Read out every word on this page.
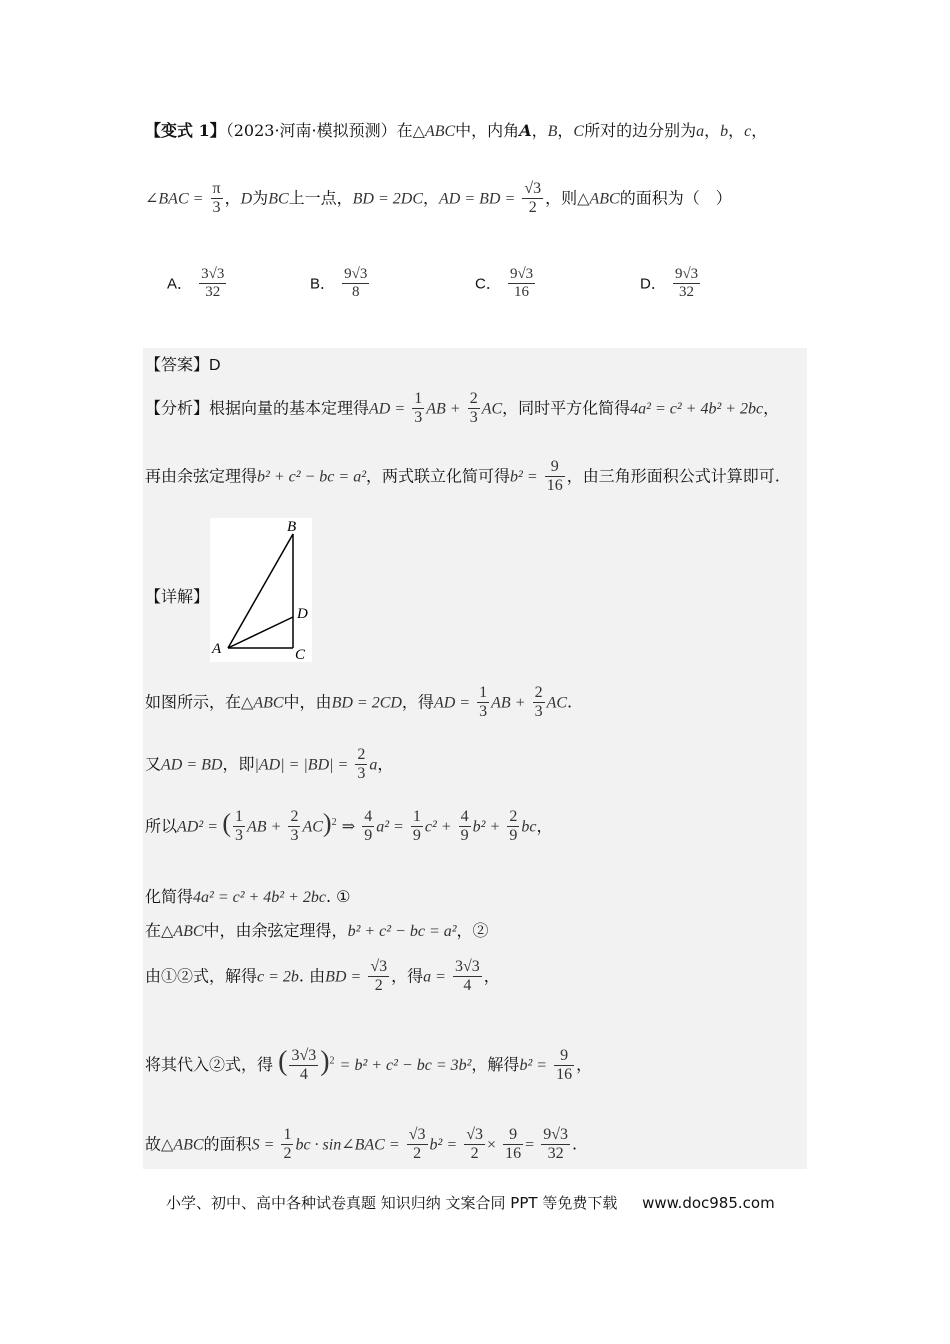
【变式 1】（2023·河南·模拟预测）在△ABC中，内角A，B，C所对的边分别为a，b，c，
∠BAC = $\frac{\pi}{3}$ ，D为BC上一点，BD = 2DC，AD = BD = $\frac{√3}{2}$ ，则△ABC的面积为（　）
A． $\frac{3√3}{32}$	B． $\frac{9√3}{8}$	C． $\frac{9√3}{16}$	D． $\frac{9√3}{32}$
【答案】D
【分析】根据向量的基本定理得AD = $\frac{1}{3}$ AB + $\frac{2}{3}$ AC，同时平方化简得4a² = c² + 4b² + 2bc，
再由余弦定理得b² + c² − bc = a²，两式联立化简可得$b^2 = \frac{9}{16}$ ，由三角形面积公式计算即可.
【详解】
B
D
A	C
如图所示，在△ABC中，由BD = 2CD，得AD = $\frac{1}{3}$ AB + $\frac{2}{3}$ AC.
又AD = BD，即$|AD| = |BD| = \frac{2}{3}$ a，
所以AD² = ( $\frac{1}{3}$ AB + $\frac{2}{3} AC)^2$ ⇒ $\frac{4}{9} a^2 = \frac{1}{9} c^2 + \frac{4}{9} b^2 + \frac{2}{9}$ bc，
化简得4a² = c² + 4b² + 2bc. ①
在△ABC中，由余弦定理得，b² + c² − bc = a²，②
由①②式，解得c = 2b. 由BD = $\frac{√3}{2}$ ，得$a = \frac{3√3}{4}$ ，
将其代入②式，得 ( $\frac{3√3}{4} )^2 = b^2 + c^2$ − bc = 3b²，解得$b^2 = \frac{9}{16}$ ，
故△ABC的面积$S = \frac{1}{2}$ bc · sin∠BAC = $\frac{√3}{2} b^2 = \frac{√3}{2} \times \frac{9}{16} = \frac{9√3}{32}$ .
小学、初中、高中各种试卷真题 知识归纳 文案合同 PPT 等免费下载 www.doc985.com
